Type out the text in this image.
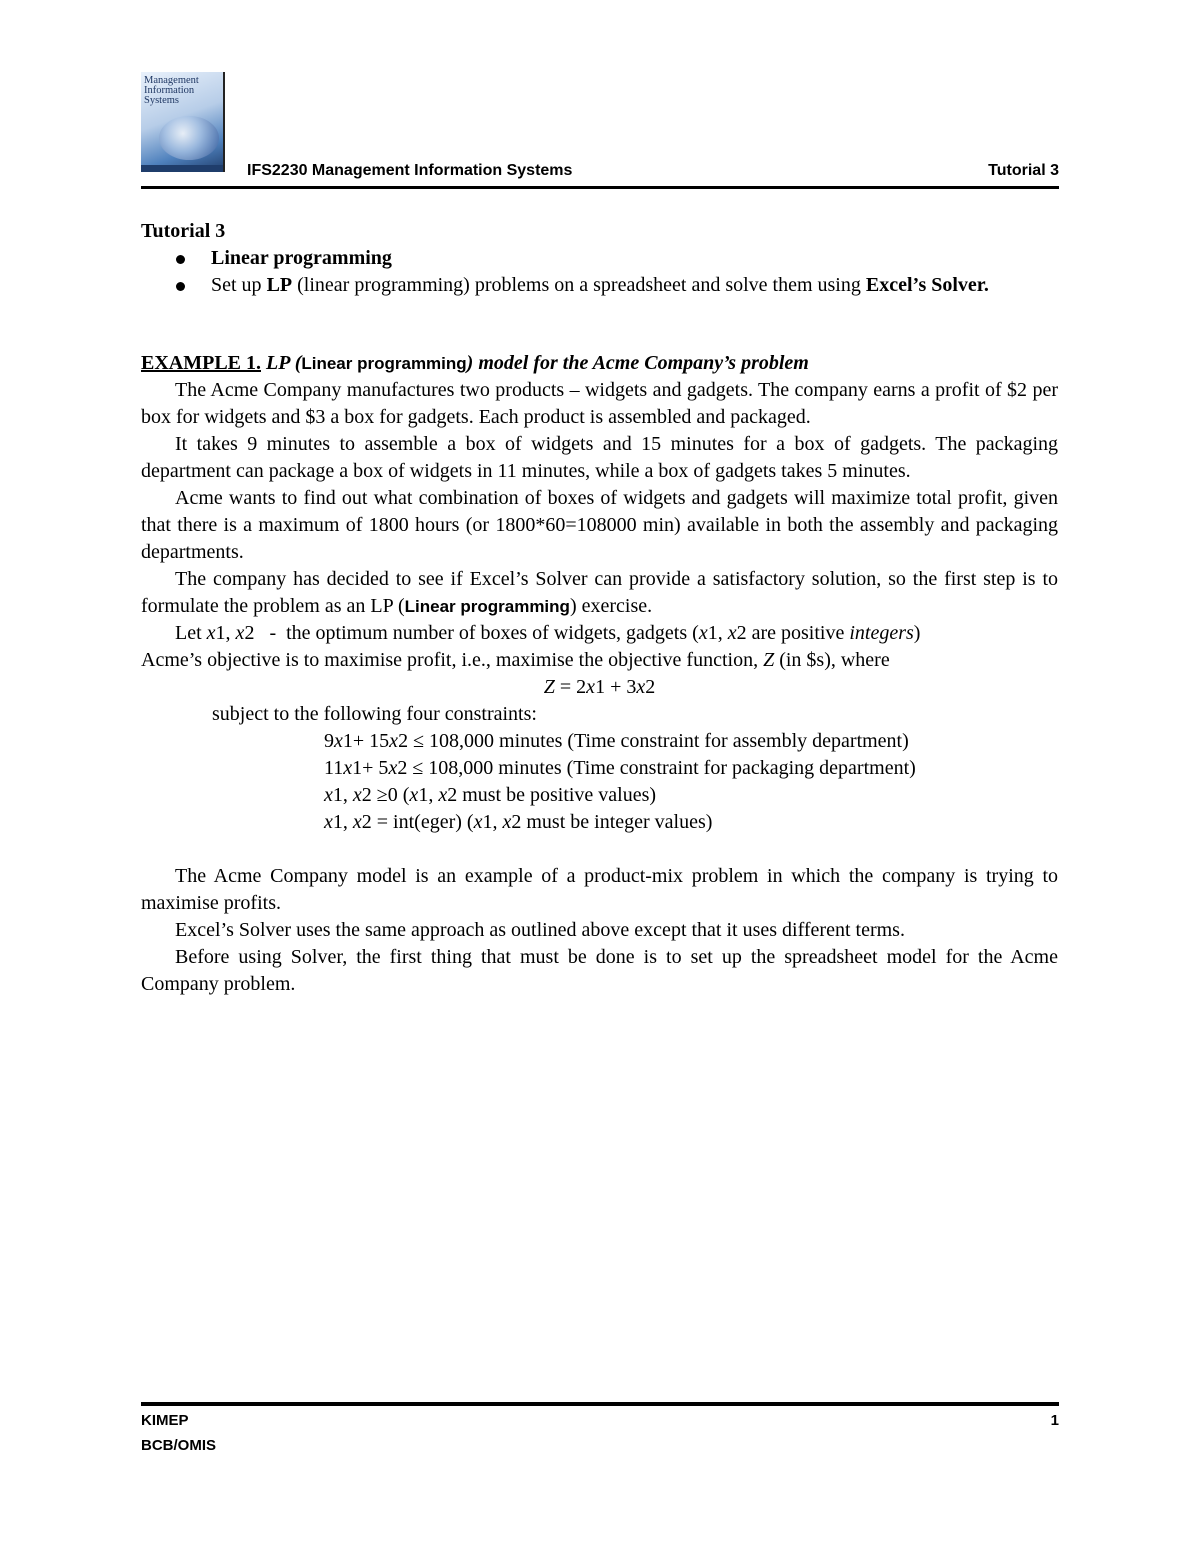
Management
Information
Systems
IFS2230 Management Information Systems	Tutorial 3

Tutorial 3

Linear programming
Set up LP (linear programming) problems on a spreadsheet and solve them using Excel’s Solver.

EXAMPLE 1. LP (Linear programming) model for the Acme Company’s problem

The Acme Company manufactures two products – widgets and gadgets. The company earns a profit of $2 per box for widgets and $3 a box for gadgets. Each product is assembled and packaged.

It takes 9 minutes to assemble a box of widgets and 15 minutes for a box of gadgets. The packaging department can package a box of widgets in 11 minutes, while a box of gadgets takes 5 minutes.

Acme wants to find out what combination of boxes of widgets and gadgets will maximize total profit, given that there is a maximum of 1800 hours (or 1800*60=108000 min) available in both the assembly and packaging departments.

The company has decided to see if Excel’s Solver can provide a satisfactory solution, so the first step is to formulate the problem as an LP (Linear programming) exercise.

Let x1, x2   -  the optimum number of boxes of widgets, gadgets (x1, x2 are positive integers)

Acme’s objective is to maximise profit, i.e., maximise the objective function, Z (in $s), where

Z = 2x1 + 3x2

subject to the following four constraints:

9x1+ 15x2 ≤ 108,000 minutes (Time constraint for assembly department)

11x1+ 5x2 ≤ 108,000 minutes (Time constraint for packaging department)

x1, x2 ≥0 (x1, x2 must be positive values)

x1, x2 = int(eger) (x1, x2 must be integer values)

The Acme Company model is an example of a product-mix problem in which the company is trying to maximise profits.

Excel’s Solver uses the same approach as outlined above except that it uses different terms.

Before using Solver, the first thing that must be done is to set up the spreadsheet model for the Acme Company problem.

KIMEP
BCB/OMIS
1
